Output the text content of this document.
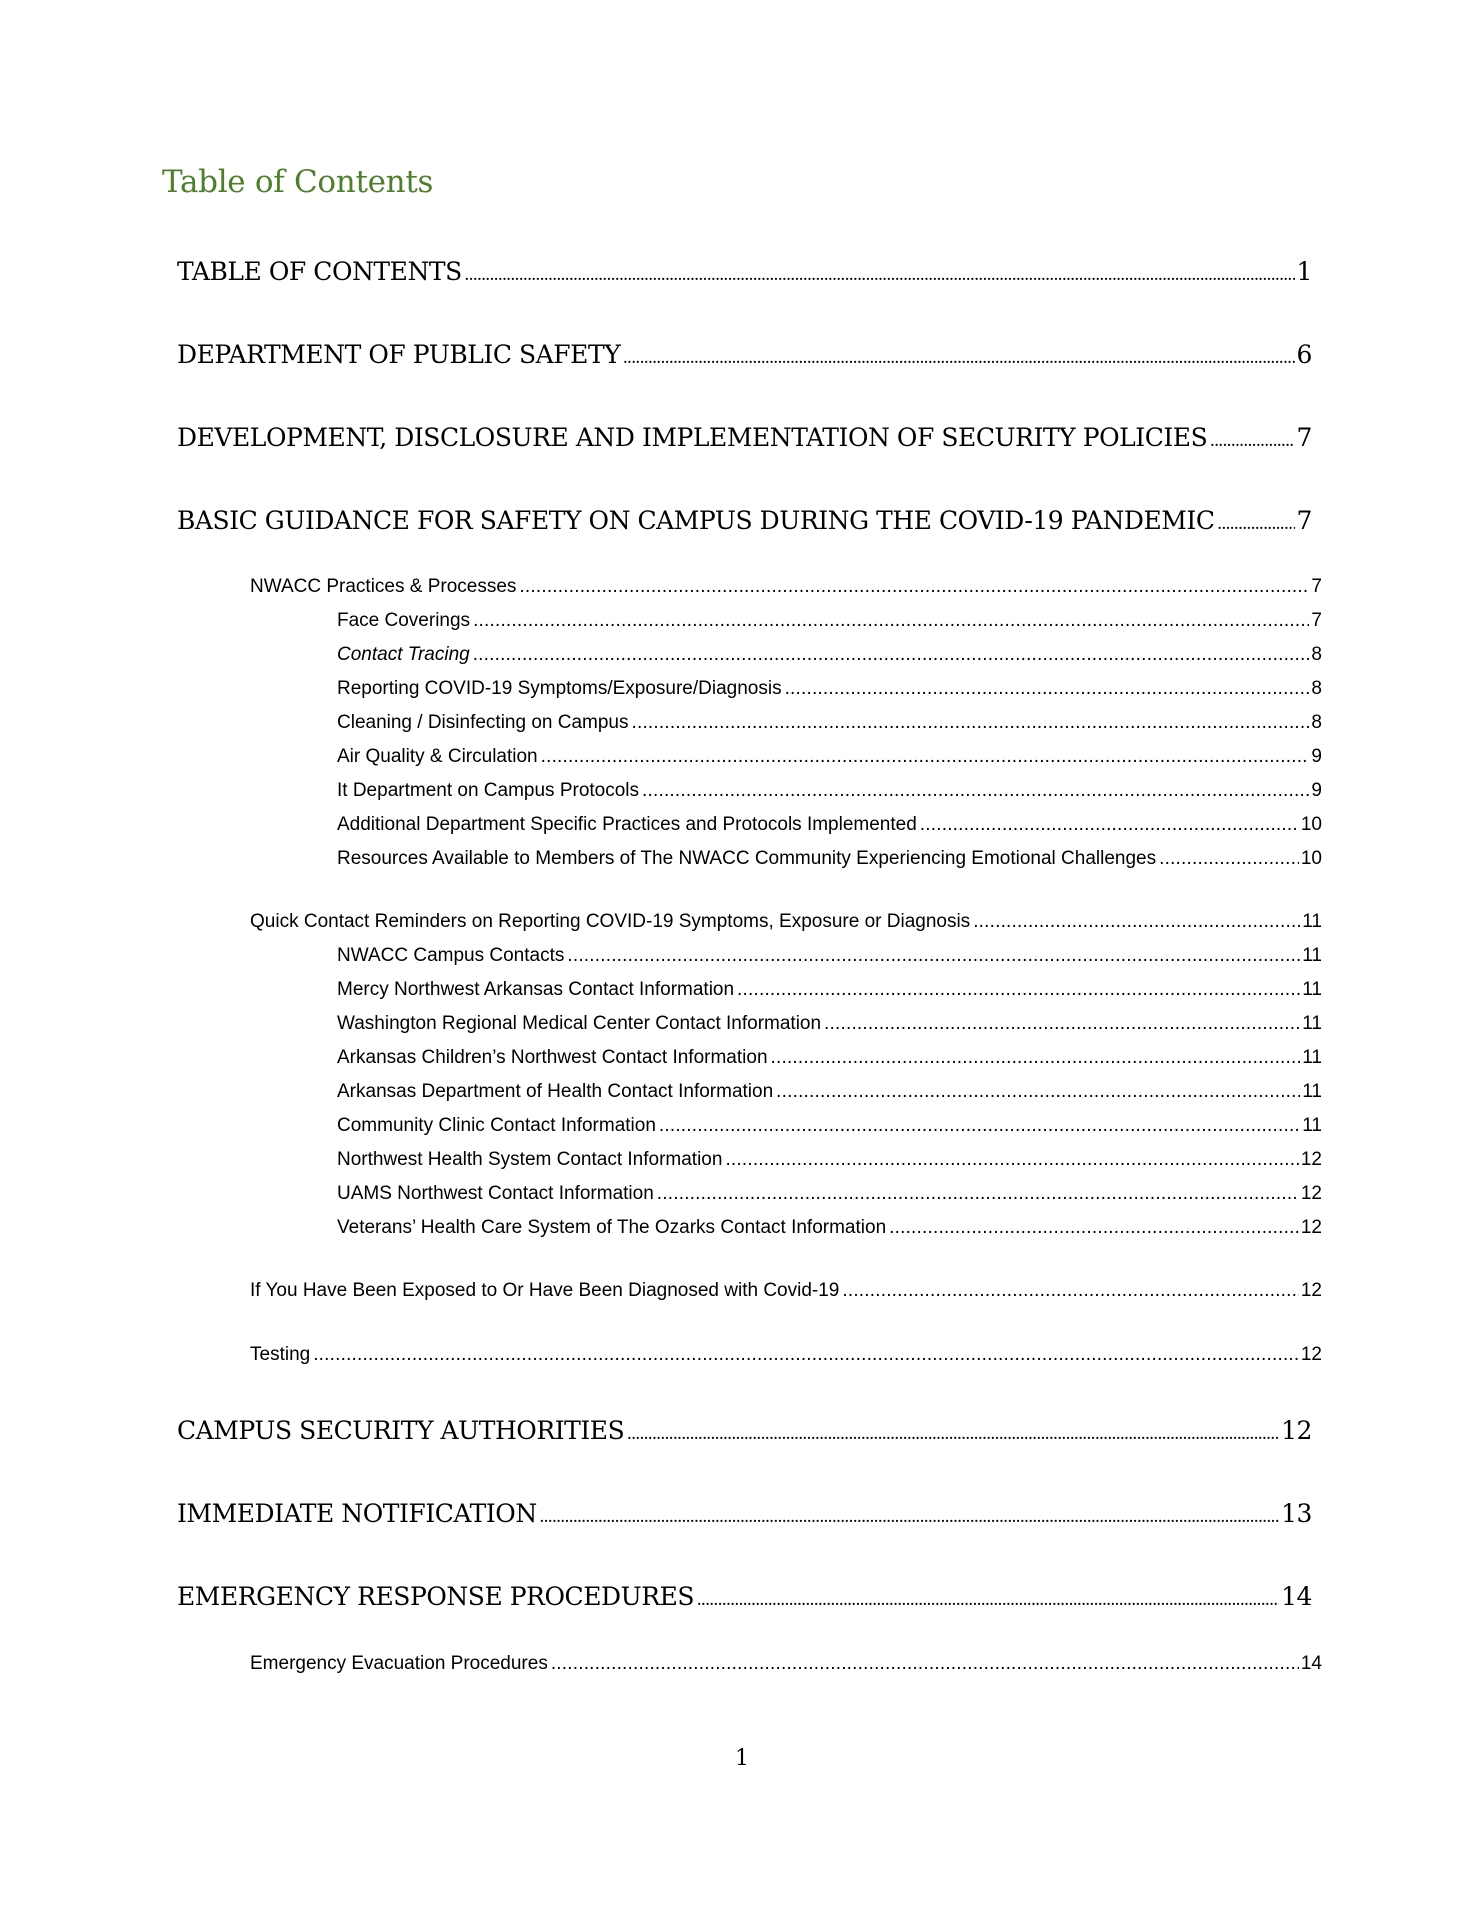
Table of Contents
TABLE OF CONTENTS .....	1
DEPARTMENT OF PUBLIC SAFETY .....	6
DEVELOPMENT, DISCLOSURE AND IMPLEMENTATION OF SECURITY POLICIES .....	7
BASIC GUIDANCE FOR SAFETY ON CAMPUS DURING THE COVID-19 PANDEMIC .....	7
NWACC Practices & Processes .....	7
Face Coverings .....	7
Contact Tracing .....	8
Reporting COVID-19 Symptoms/Exposure/Diagnosis .....	8
Cleaning / Disinfecting on Campus .....	8
Air Quality & Circulation .....	9
It Department on Campus Protocols .....	9
Additional Department Specific Practices and Protocols Implemented .....	10
Resources Available to Members of The NWACC Community Experiencing Emotional Challenges .....	10
Quick Contact Reminders on Reporting COVID-19 Symptoms, Exposure or Diagnosis .....	11
NWACC Campus Contacts .....	11
Mercy Northwest Arkansas Contact Information .....	11
Washington Regional Medical Center Contact Information .....	11
Arkansas Children’s Northwest Contact Information .....	11
Arkansas Department of Health Contact Information .....	11
Community Clinic Contact Information .....	11
Northwest Health System Contact Information .....	12
UAMS Northwest Contact Information .....	12
Veterans’ Health Care System of The Ozarks Contact Information .....	12
If You Have Been Exposed to Or Have Been Diagnosed with Covid-19 .....	12
Testing .....	12
CAMPUS SECURITY AUTHORITIES .....	12
IMMEDIATE NOTIFICATION .....	13
EMERGENCY RESPONSE PROCEDURES .....	14
Emergency Evacuation Procedures .....	14
1
